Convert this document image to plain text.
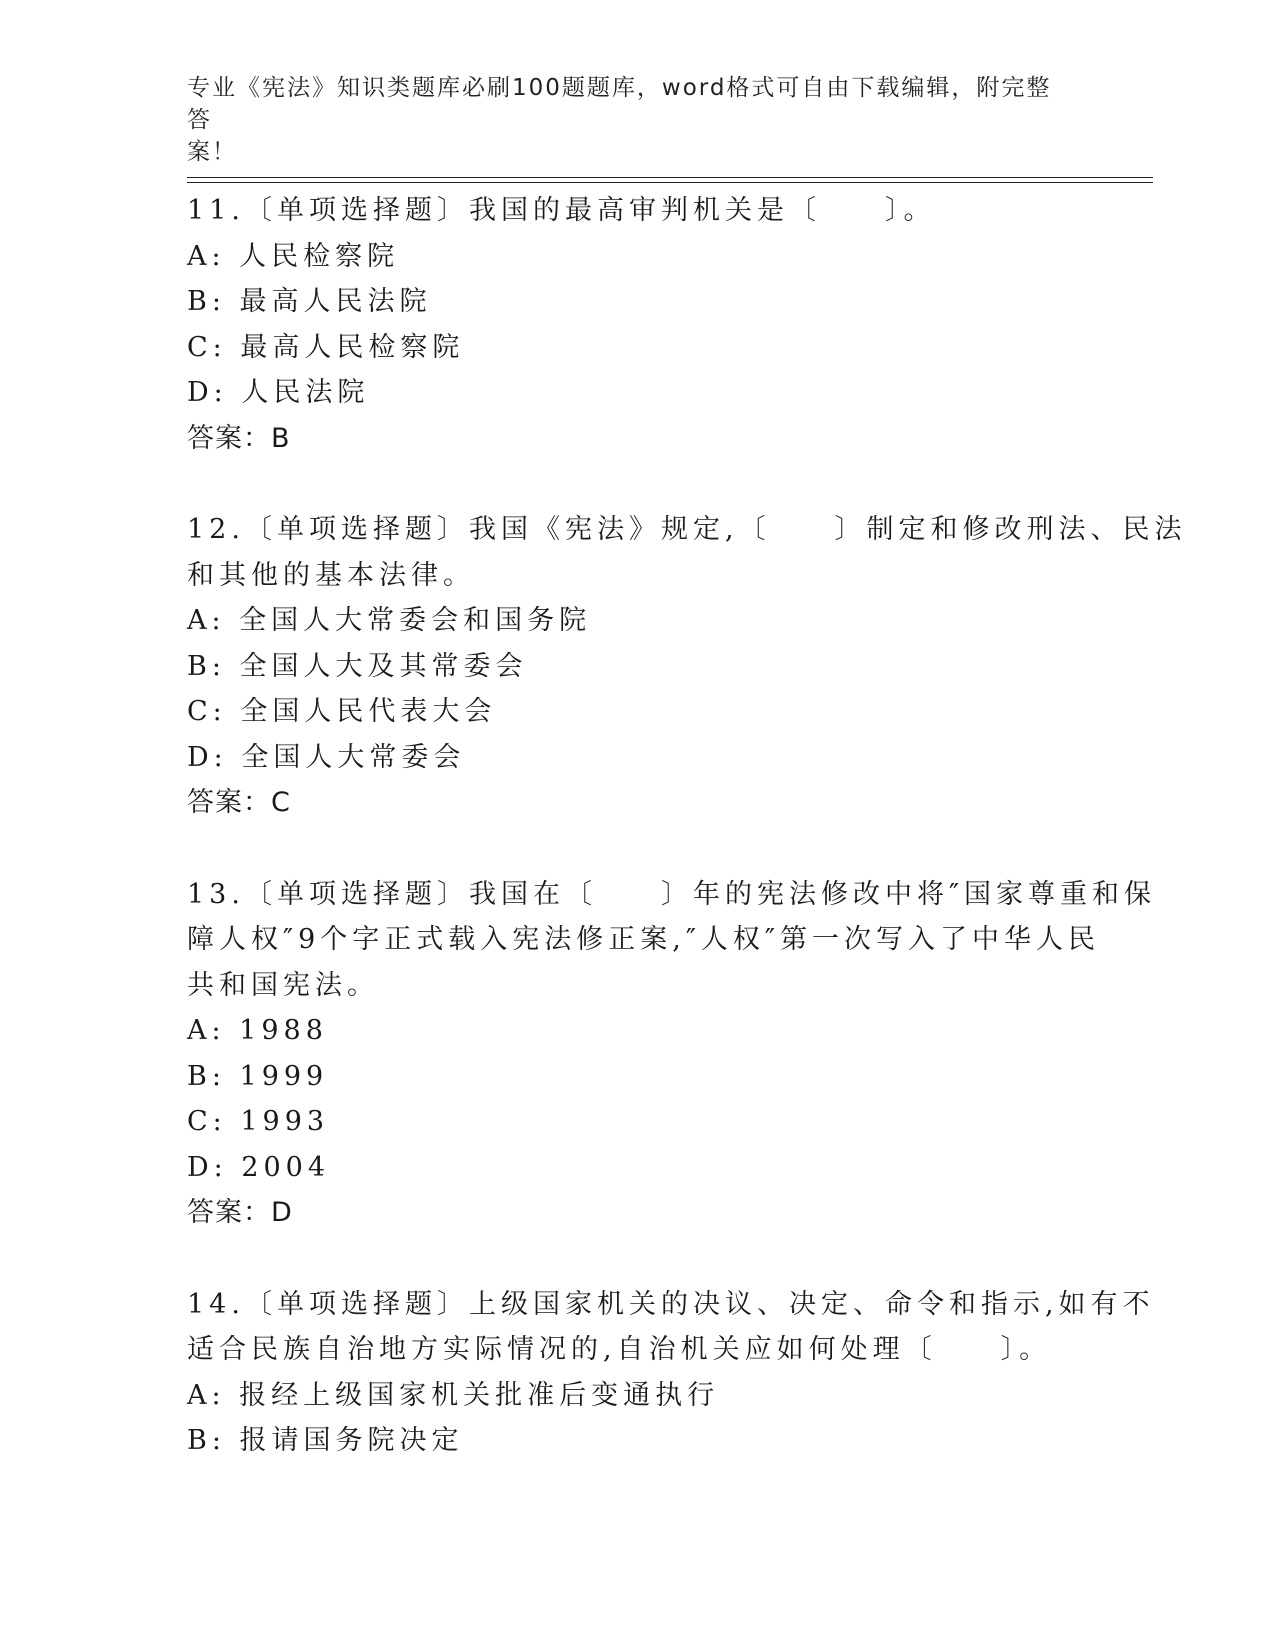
专业《宪法》知识类题库必刷100题题库，word格式可自由下载编辑，附完整答
案！
11.〔单项选择题〕我国的最高审判机关是〔　　〕。
A: 人民检察院
B: 最高人民法院
C: 最高人民检察院
D: 人民法院
答案：B
12.〔单项选择题〕我国《宪法》规定,〔　　〕制定和修改刑法、民法
和其他的基本法律。
A: 全国人大常委会和国务院
B: 全国人大及其常委会
C: 全国人民代表大会
D: 全国人大常委会
答案：C
13.〔单项选择题〕我国在〔　　〕年的宪法修改中将″国家尊重和保
障人权″9个字正式载入宪法修正案,″人权″第一次写入了中华人民
共和国宪法。
A: 1988
B: 1999
C: 1993
D: 2004
答案：D
14.〔单项选择题〕上级国家机关的决议、决定、命令和指示,如有不
适合民族自治地方实际情况的,自治机关应如何处理〔　　〕。
A: 报经上级国家机关批准后变通执行
B: 报请国务院决定
